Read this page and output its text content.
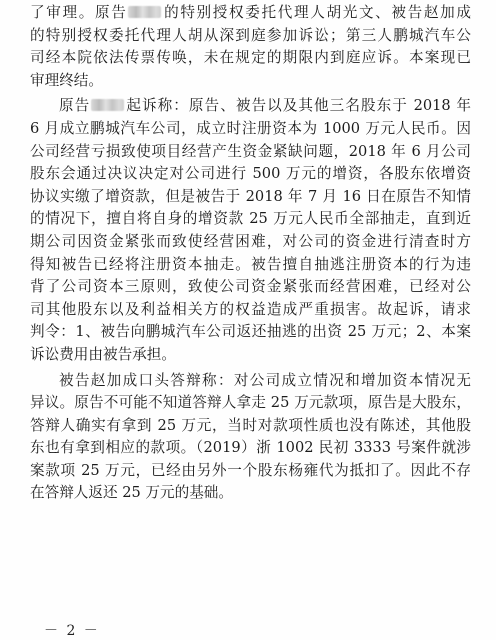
了审理。原告 的特别授权委托代理人胡光文、被告赵加成
的特别授权委托代理人胡从深到庭参加诉讼；第三人鹏城汽车公
司经本院依法传票传唤，未在规定的期限内到庭应诉。本案现已
审理终结。
原告 起诉称：原告、被告以及其他三名股东于 2018 年
6 月成立鹏城汽车公司，成立时注册资本为 1000 万元人民币。因
公司经营亏损致使项目经营产生资金紧缺问题，2018 年 6 月公司
股东会通过决议决定对公司进行 500 万元的增资，各股东依增资
协议实缴了增资款，但是被告于 2018 年 7 月 16 日在原告不知情
的情况下，擅自将自身的增资款 25 万元人民币全部抽走，直到近
期公司因资金紧张而致使经营困难，对公司的资金进行清查时方
得知被告已经将注册资本抽走。被告擅自抽逃注册资本的行为违
背了公司资本三原则，致使公司资金紧张而经营困难，已经对公
司其他股东以及利益相关方的权益造成严重损害。故起诉，请求
判令：1、被告向鹏城汽车公司返还抽逃的出资 25 万元；2、本案
诉讼费用由被告承担。
被告赵加成口头答辩称：对公司成立情况和增加资本情况无
异议。原告不可能不知道答辩人拿走 25 万元款项，原告是大股东，
答辩人确实有拿到 25 万元，当时对款项性质也没有陈述，其他股
东也有拿到相应的款项。（2019）浙 1002 民初 3333 号案件就涉
案款项 25 万元，已经由另外一个股东杨雍代为抵扣了。因此不存
在答辩人返还 25 万元的基础。
－ 2 －
